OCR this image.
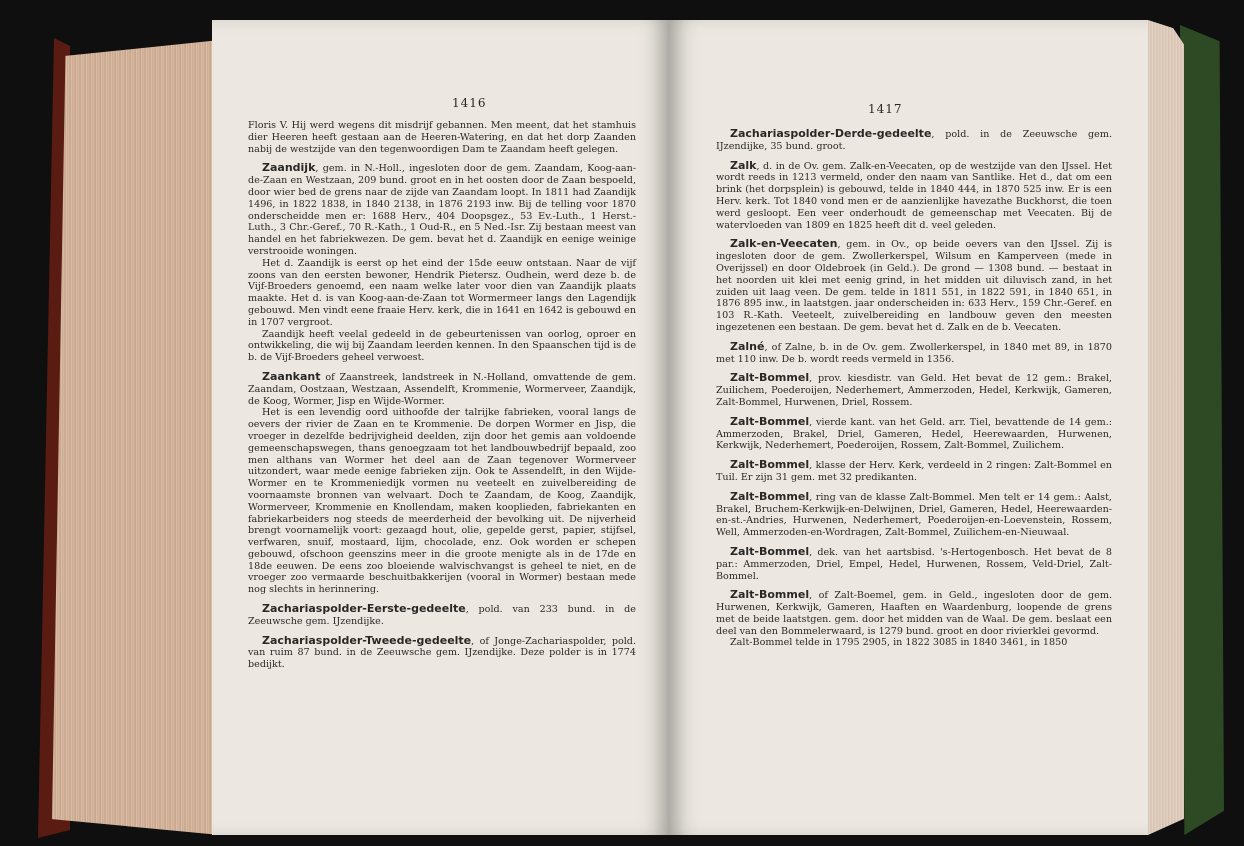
1416

Floris V. Hij werd wegens dit misdrijf gebannen. Men meent, dat het stamhuis dier Heeren heeft gestaan aan de Heeren-Watering, en dat het dorp Zaanden nabij de westzijde van den tegenwoordigen Dam te Zaandam heeft gelegen.

Zaandijk, gem. in N.-Holl., ingesloten door de gem. Zaandam, Koog-aan-de-Zaan en Westzaan, 209 bund. groot en in het oosten door de Zaan bespoeld, door wier bed de grens naar de zijde van Zaandam loopt. In 1811 had Zaandijk 1496, in 1822 1838, in 1840 2138, in 1876 2193 inw. Bij de telling voor 1870 onderscheidde men er: 1688 Herv., 404 Doopsgez., 53 Ev.-Luth., 1 Herst.-Luth., 3 Chr.-Geref., 70 R.-Kath., 1 Oud-R., en 5 Ned.-Isr. Zij bestaan meest van handel en het fabriekwezen. De gem. bevat het d. Zaandijk en eenige weinige verstrooide woningen.

Het d. Zaandijk is eerst op het eind der 15de eeuw ontstaan. Naar de vijf zoons van den eersten bewoner, Hendrik Pietersz. Oudhein, werd deze b. de Vijf-Broeders genoemd, een naam welke later voor dien van Zaandijk plaats maakte. Het d. is van Koog-aan-de-Zaan tot Wormermeer langs den Lagendijk gebouwd. Men vindt eene fraaie Herv. kerk, die in 1641 en 1642 is gebouwd en in 1707 vergroot.

Zaandijk heeft veelal gedeeld in de gebeurtenissen van oorlog, oproer en ontwikkeling, die wij bij Zaandam leerden kennen. In den Spaanschen tijd is de b. de Vijf-Broeders geheel verwoest.

Zaankant of Zaanstreek, landstreek in N.-Holland, omvattende de gem. Zaandam, Oostzaan, Westzaan, Assendelft, Krommenie, Wormerveer, Zaandijk, de Koog, Wormer, Jisp en Wijde-Wormer.

Het is een levendig oord uithoofde der talrijke fabrieken, vooral langs de oevers der rivier de Zaan en te Krommenie. De dorpen Wormer en Jisp, die vroeger in dezelfde bedrijvigheid deelden, zijn door het gemis aan voldoende gemeenschapswegen, thans genoegzaam tot het landbouwbedrijf bepaald, zoo men althans van Wormer het deel aan de Zaan tegenover Wormerveer uitzondert, waar mede eenige fabrieken zijn. Ook te Assendelft, in den Wijde-Wormer en te Krommeniedijk vormen nu veeteelt en zuivelbereiding de voornaamste bronnen van welvaart. Doch te Zaandam, de Koog, Zaandijk, Wormerveer, Krommenie en Knollendam, maken kooplieden, fabriekanten en fabriekarbeiders nog steeds de meerderheid der bevolking uit. De nijverheid brengt voornamelijk voort: gezaagd hout, olie, gepelde gerst, papier, stijfsel, verfwaren, snuif, mostaard, lijm, chocolade, enz. Ook worden er schepen gebouwd, ofschoon geenszins meer in die groote menigte als in de 17de en 18de eeuwen. De eens zoo bloeiende walvischvangst is geheel te niet, en de vroeger zoo vermaarde beschuitbakkerijen (vooral in Wormer) bestaan mede nog slechts in herinnering.

Zachariaspolder-Eerste-gedeelte, pold. van 233 bund. in de Zeeuwsche gem. IJzendijke.

Zachariaspolder-Tweede-gedeelte, of Jonge-Zachariaspolder, pold. van ruim 87 bund. in de Zeeuwsche gem. IJzendijke. Deze polder is in 1774 bedijkt.

1417

Zachariaspolder-Derde-gedeelte, pold. in de Zeeuwsche gem. IJzendijke, 35 bund. groot.

Zalk, d. in de Ov. gem. Zalk-en-Veecaten, op de westzijde van den IJssel. Het wordt reeds in 1213 vermeld, onder den naam van Santlike. Het d., dat om een brink (het dorpsplein) is gebouwd, telde in 1840 444, in 1870 525 inw. Er is een Herv. kerk. Tot 1840 vond men er de aanzienlijke havezathe Buckhorst, die toen werd gesloopt. Een veer onderhoudt de gemeenschap met Veecaten. Bij de watervloeden van 1809 en 1825 heeft dit d. veel geleden.

Zalk-en-Veecaten, gem. in Ov., op beide oevers van den IJssel. Zij is ingesloten door de gem. Zwollerkerspel, Wilsum en Kamperveen (mede in Overijssel) en door Oldebroek (in Geld.). De grond — 1308 bund. — bestaat in het noorden uit klei met eenig grind, in het midden uit diluvisch zand, in het zuiden uit laag veen. De gem. telde in 1811 551, in 1822 591, in 1840 651, in 1876 895 inw., in laatstgen. jaar onderscheiden in: 633 Herv., 159 Chr.-Geref. en 103 R.-Kath. Veeteelt, zuivelbereiding en landbouw geven den meesten ingezetenen een bestaan. De gem. bevat het d. Zalk en de b. Veecaten.

Zalné, of Zalne, b. in de Ov. gem. Zwollerkerspel, in 1840 met 89, in 1870 met 110 inw. De b. wordt reeds vermeld in 1356.

Zalt-Bommel, prov. kiesdistr. van Geld. Het bevat de 12 gem.: Brakel, Zuilichem, Poederoijen, Nederhemert, Ammerzoden, Hedel, Kerkwijk, Gameren, Zalt-Bommel, Hurwenen, Driel, Rossem.

Zalt-Bommel, vierde kant. van het Geld. arr. Tiel, bevattende de 14 gem.: Ammerzoden, Brakel, Driel, Gameren, Hedel, Heerewaarden, Hurwenen, Kerkwijk, Nederhemert, Poederoijen, Rossem, Zalt-Bommel, Zuilichem.

Zalt-Bommel, klasse der Herv. Kerk, verdeeld in 2 ringen: Zalt-Bommel en Tuil. Er zijn 31 gem. met 32 predikanten.

Zalt-Bommel, ring van de klasse Zalt-Bommel. Men telt er 14 gem.: Aalst, Brakel, Bruchem-Kerkwijk-en-Delwijnen, Driel, Gameren, Hedel, Heerewaarden-en-st.-Andries, Hurwenen, Nederhemert, Poederoijen-en-Loevenstein, Rossem, Well, Ammerzoden-en-Wordragen, Zalt-Bommel, Zuilichem-en-Nieuwaal.

Zalt-Bommel, dek. van het aartsbisd. 's-Hertogenbosch. Het bevat de 8 par.: Ammerzoden, Driel, Empel, Hedel, Hurwenen, Rossem, Veld-Driel, Zalt-Bommel.

Zalt-Bommel, of Zalt-Boemel, gem. in Geld., ingesloten door de gem. Hurwenen, Kerkwijk, Gameren, Haaften en Waardenburg, loopende de grens met de beide laatstgen. gem. door het midden van de Waal. De gem. beslaat een deel van den Bommelerwaard, is 1279 bund. groot en door rivierklei gevormd.

Zalt-Bommel telde in 1795 2905, in 1822 3085 in 1840 3461, in 1850
